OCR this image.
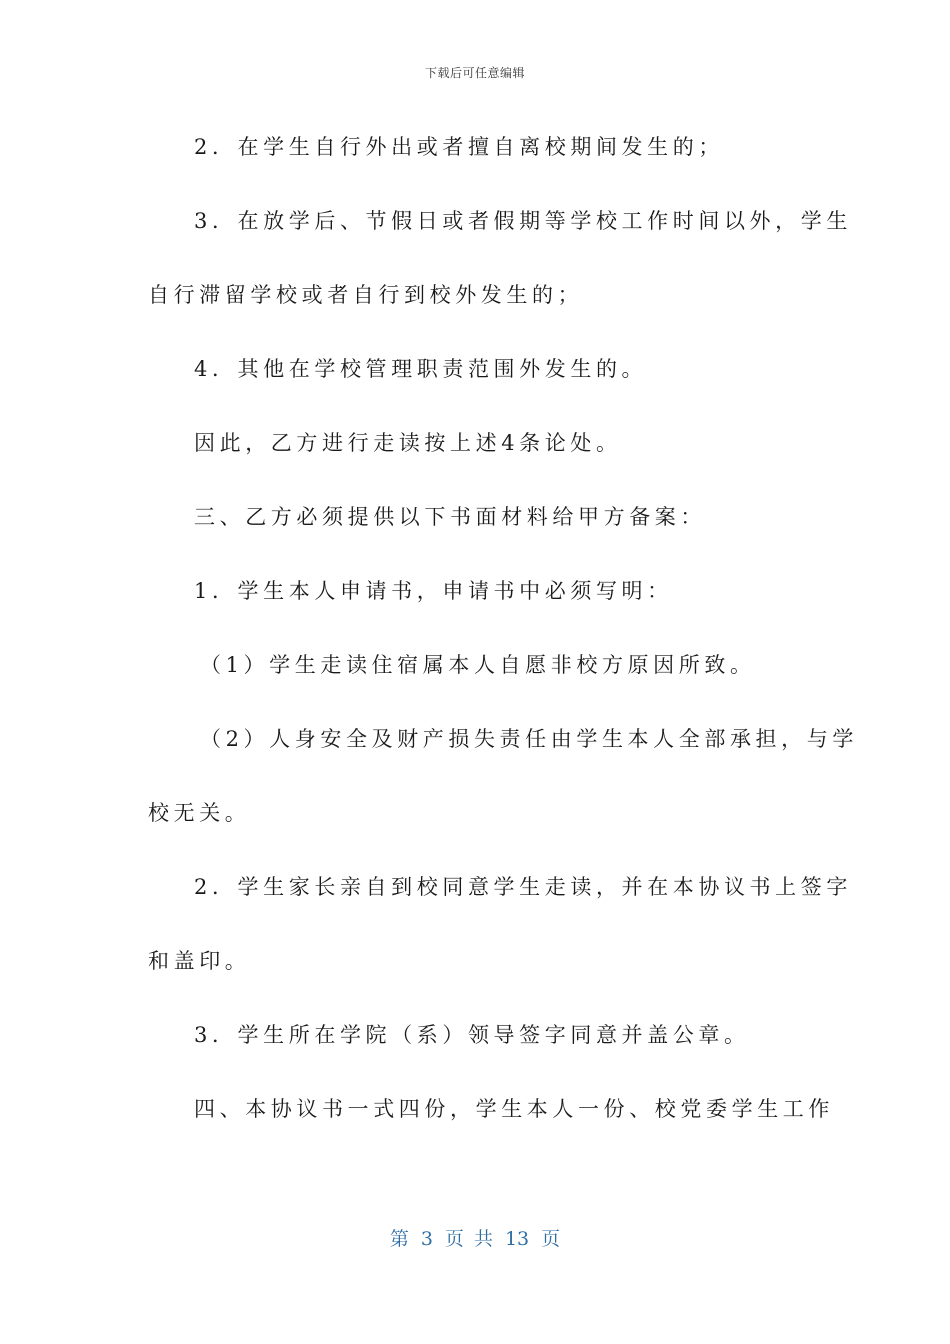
下载后可任意编辑
2．在学生自行外出或者擅自离校期间发生的；
3．在放学后、节假日或者假期等学校工作时间以外，学生
自行滞留学校或者自行到校外发生的；
4．其他在学校管理职责范围外发生的。
因此，乙方进行走读按上述4条论处。
三、乙方必须提供以下书面材料给甲方备案：
1．学生本人申请书，申请书中必须写明：
（1）学生走读住宿属本人自愿非校方原因所致。
（2）人身安全及财产损失责任由学生本人全部承担，与学
校无关。
2．学生家长亲自到校同意学生走读，并在本协议书上签字
和盖印。
3．学生所在学院（系）领导签字同意并盖公章。
四、本协议书一式四份，学生本人一份、校党委学生工作
第 3 页 共 13 页
